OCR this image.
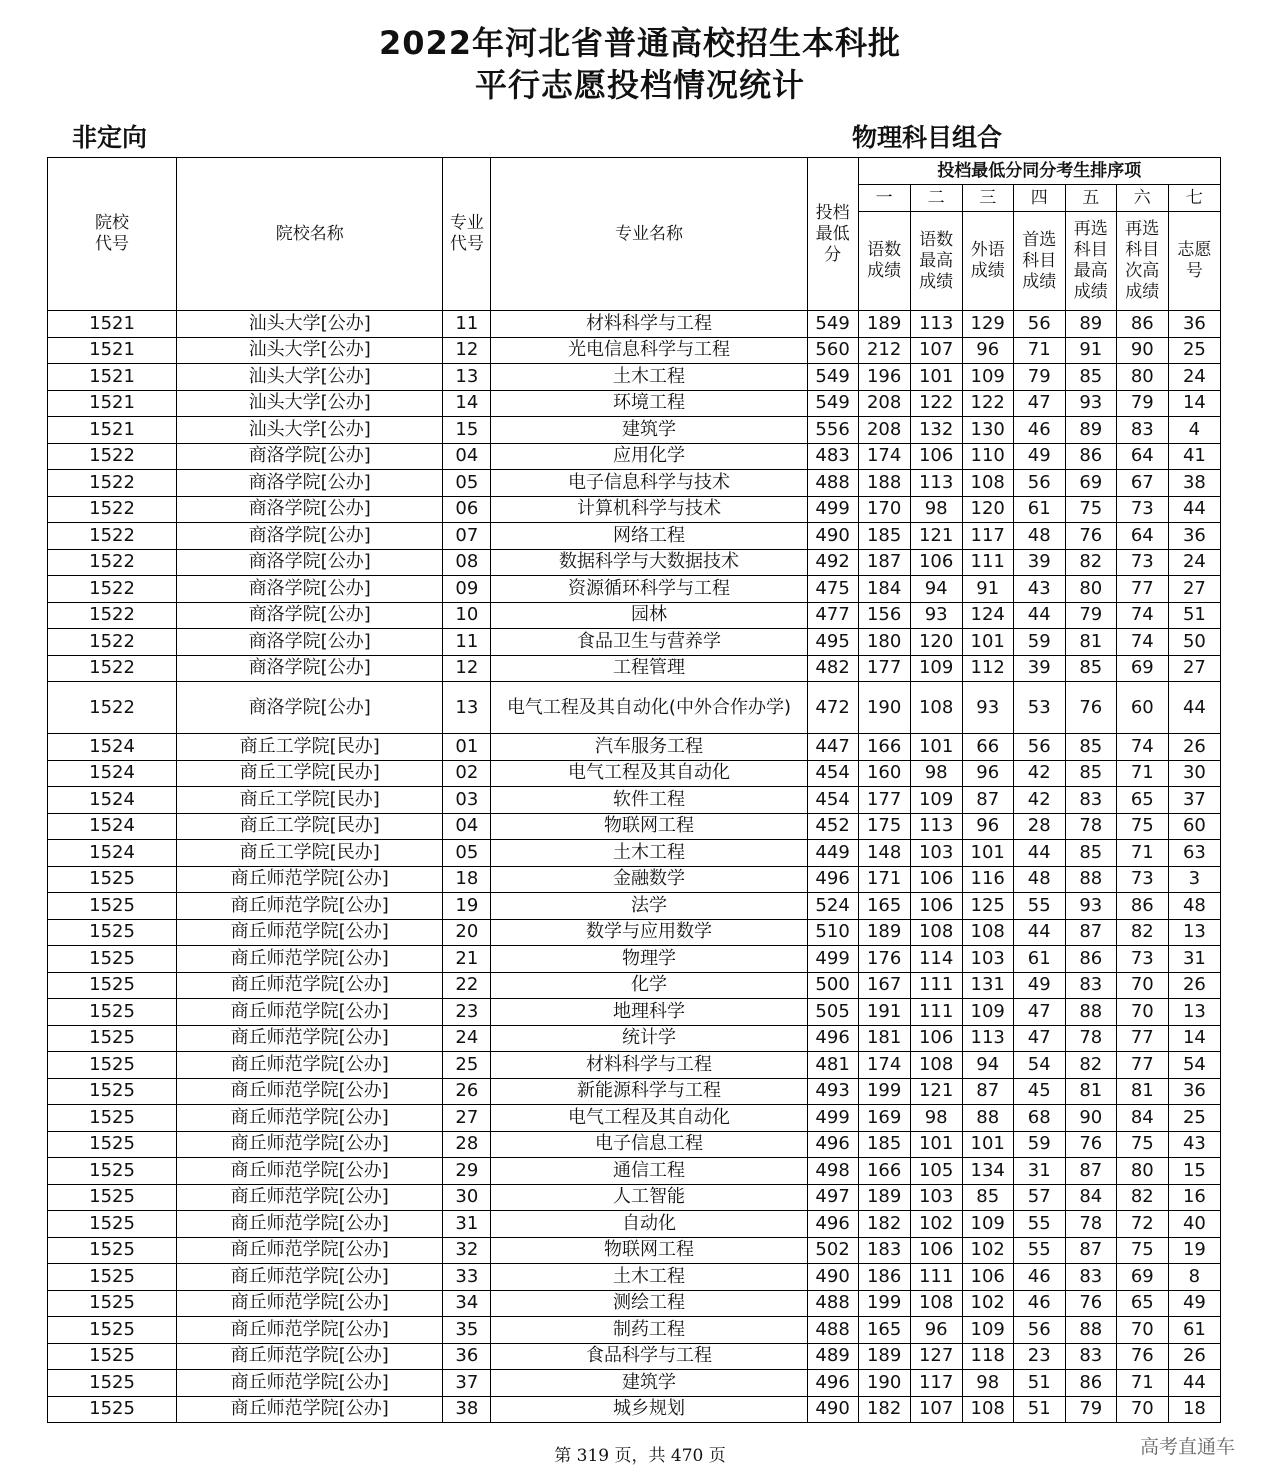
2022年河北省普通高校招生本科批
平行志愿投档情况统计
非定向	物理科目组合
院校代号	院校名称	专业代号	专业名称	投档最低分	投档最低分同分考生排序项						
					一	二	三	四	五	六	七
					语数成绩	语数最高成绩	外语成绩	首选科目成绩	再选科目最高成绩	再选科目次高成绩	志愿号
1521	汕头大学[公办]	11	材料科学与工程	549	189	113	129	56	89	86	36
1521	汕头大学[公办]	12	光电信息科学与工程	560	212	107	96	71	91	90	25
1521	汕头大学[公办]	13	土木工程	549	196	101	109	79	85	80	24
1521	汕头大学[公办]	14	环境工程	549	208	122	122	47	93	79	14
1521	汕头大学[公办]	15	建筑学	556	208	132	130	46	89	83	4
1522	商洛学院[公办]	04	应用化学	483	174	106	110	49	86	64	41
1522	商洛学院[公办]	05	电子信息科学与技术	488	188	113	108	56	69	67	38
1522	商洛学院[公办]	06	计算机科学与技术	499	170	98	120	61	75	73	44
1522	商洛学院[公办]	07	网络工程	490	185	121	117	48	76	64	36
1522	商洛学院[公办]	08	数据科学与大数据技术	492	187	106	111	39	82	73	24
1522	商洛学院[公办]	09	资源循环科学与工程	475	184	94	91	43	80	77	27
1522	商洛学院[公办]	10	园林	477	156	93	124	44	79	74	51
1522	商洛学院[公办]	11	食品卫生与营养学	495	180	120	101	59	81	74	50
1522	商洛学院[公办]	12	工程管理	482	177	109	112	39	85	69	27
1522	商洛学院[公办]	13	电气工程及其自动化(中外合作办学)	472	190	108	93	53	76	60	44
1524	商丘工学院[民办]	01	汽车服务工程	447	166	101	66	56	85	74	26
1524	商丘工学院[民办]	02	电气工程及其自动化	454	160	98	96	42	85	71	30
1524	商丘工学院[民办]	03	软件工程	454	177	109	87	42	83	65	37
1524	商丘工学院[民办]	04	物联网工程	452	175	113	96	28	78	75	60
1524	商丘工学院[民办]	05	土木工程	449	148	103	101	44	85	71	63
1525	商丘师范学院[公办]	18	金融数学	496	171	106	116	48	88	73	3
1525	商丘师范学院[公办]	19	法学	524	165	106	125	55	93	86	48
1525	商丘师范学院[公办]	20	数学与应用数学	510	189	108	108	44	87	82	13
1525	商丘师范学院[公办]	21	物理学	499	176	114	103	61	86	73	31
1525	商丘师范学院[公办]	22	化学	500	167	111	131	49	83	70	26
1525	商丘师范学院[公办]	23	地理科学	505	191	111	109	47	88	70	13
1525	商丘师范学院[公办]	24	统计学	496	181	106	113	47	78	77	14
1525	商丘师范学院[公办]	25	材料科学与工程	481	174	108	94	54	82	77	54
1525	商丘师范学院[公办]	26	新能源科学与工程	493	199	121	87	45	81	81	36
1525	商丘师范学院[公办]	27	电气工程及其自动化	499	169	98	88	68	90	84	25
1525	商丘师范学院[公办]	28	电子信息工程	496	185	101	101	59	76	75	43
1525	商丘师范学院[公办]	29	通信工程	498	166	105	134	31	87	80	15
1525	商丘师范学院[公办]	30	人工智能	497	189	103	85	57	84	82	16
1525	商丘师范学院[公办]	31	自动化	496	182	102	109	55	78	72	40
1525	商丘师范学院[公办]	32	物联网工程	502	183	106	102	55	87	75	19
1525	商丘师范学院[公办]	33	土木工程	490	186	111	106	46	83	69	8
1525	商丘师范学院[公办]	34	测绘工程	488	199	108	102	46	76	65	49
1525	商丘师范学院[公办]	35	制药工程	488	165	96	109	56	88	70	61
1525	商丘师范学院[公办]	36	食品科学与工程	489	189	127	118	23	83	76	26
1525	商丘师范学院[公办]	37	建筑学	496	190	117	98	51	86	71	44
1525	商丘师范学院[公办]	38	城乡规划	490	182	107	108	51	79	70	18
第 319 页，共 470 页	高考直通车
